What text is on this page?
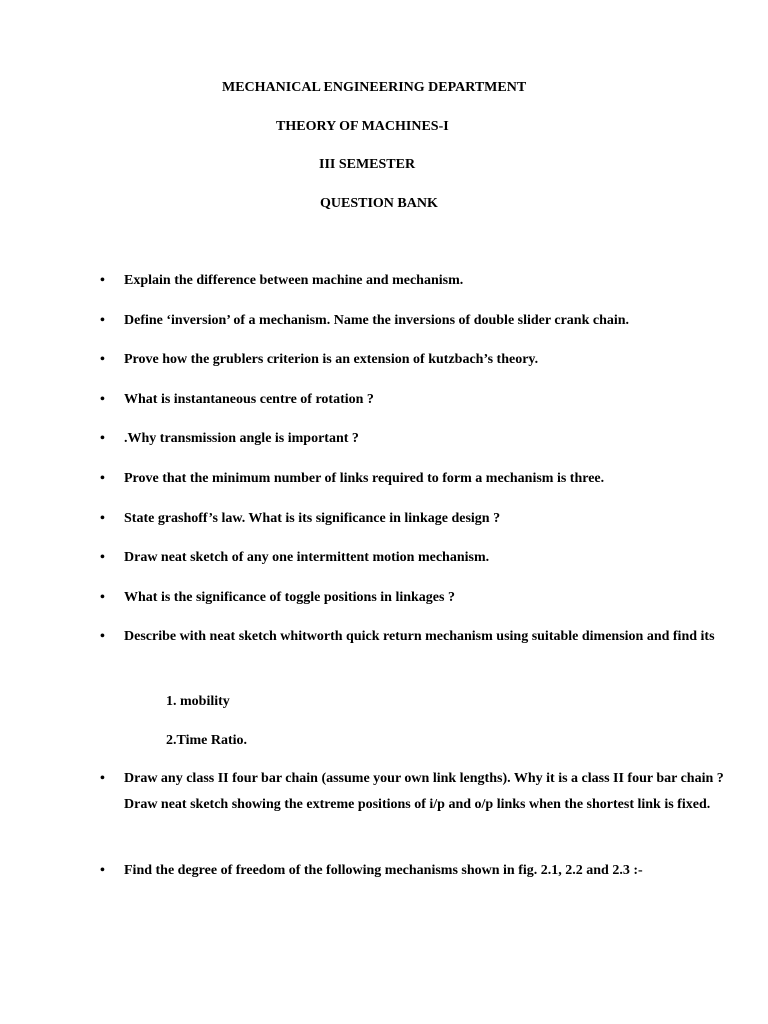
MECHANICAL ENGINEERING DEPARTMENT

THEORY OF MACHINES-I

III SEMESTER

QUESTION BANK

• Explain the difference between machine and mechanism.
• Define ‘inversion’ of a mechanism. Name the inversions of double slider crank chain.
• Prove how the grublers criterion is an extension of kutzbach’s theory.
• What is instantaneous centre of rotation ?
• .Why transmission angle is important ?
• Prove that the minimum number of links required to form a mechanism is three.
• State grashoff’s law. What is its significance in linkage design ?
• Draw neat sketch of any one intermittent motion mechanism.
• What is the significance of toggle positions in linkages ?
• Describe with neat sketch whitworth quick return mechanism using suitable dimension and find its
1. mobility
2.Time Ratio.
• Draw any class II four bar chain (assume your own link lengths). Why it is a class II four bar chain ? Draw neat sketch showing the extreme positions of i/p and o/p links when the shortest link is fixed.
• Find the degree of freedom of the following mechanisms shown in fig. 2.1, 2.2 and 2.3 :-
